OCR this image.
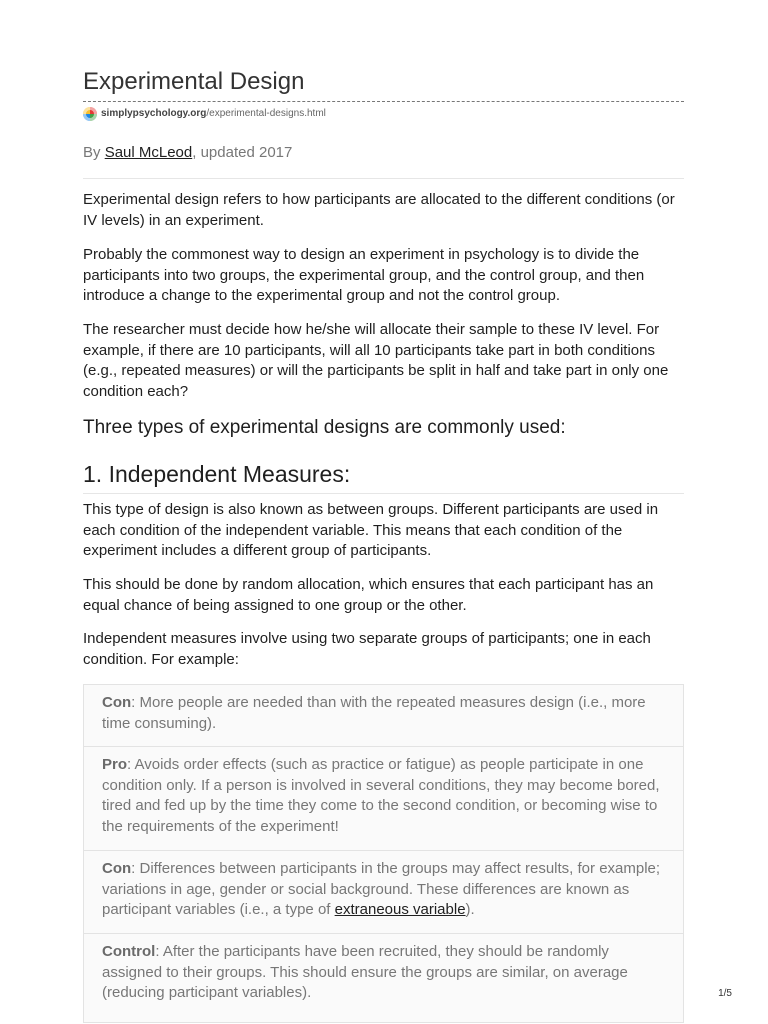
Experimental Design
simplypsychology.org /experimental-designs.html
By Saul McLeod, updated 2017

Experimental design refers to how participants are allocated to the different conditions (or IV levels) in an experiment.

Probably the commonest way to design an experiment in psychology is to divide the participants into two groups, the experimental group, and the control group, and then introduce a change to the experimental group and not the control group.

The researcher must decide how he/she will allocate their sample to these IV level. For example, if there are 10 participants, will all 10 participants take part in both conditions (e.g., repeated measures) or will the participants be split in half and take part in only one condition each?

Three types of experimental designs are commonly used:
1. Independent Measures:

This type of design is also known as between groups. Different participants are used in each condition of the independent variable. This means that each condition of the experiment includes a different group of participants.

This should be done by random allocation, which ensures that each participant has an equal chance of being assigned to one group or the other.

Independent measures involve using two separate groups of participants; one in each condition. For example:

Con: More people are needed than with the repeated measures design (i.e., more time consuming).
Pro: Avoids order effects (such as practice or fatigue) as people participate in one condition only. If a person is involved in several conditions, they may become bored, tired and fed up by the time they come to the second condition, or becoming wise to the requirements of the experiment!
Con: Differences between participants in the groups may affect results, for example; variations in age, gender or social background. These differences are known as participant variables (i.e., a type of extraneous variable).
Control: After the participants have been recruited, they should be randomly assigned to their groups. This should ensure the groups are similar, on average (reducing participant variables).	1/5
